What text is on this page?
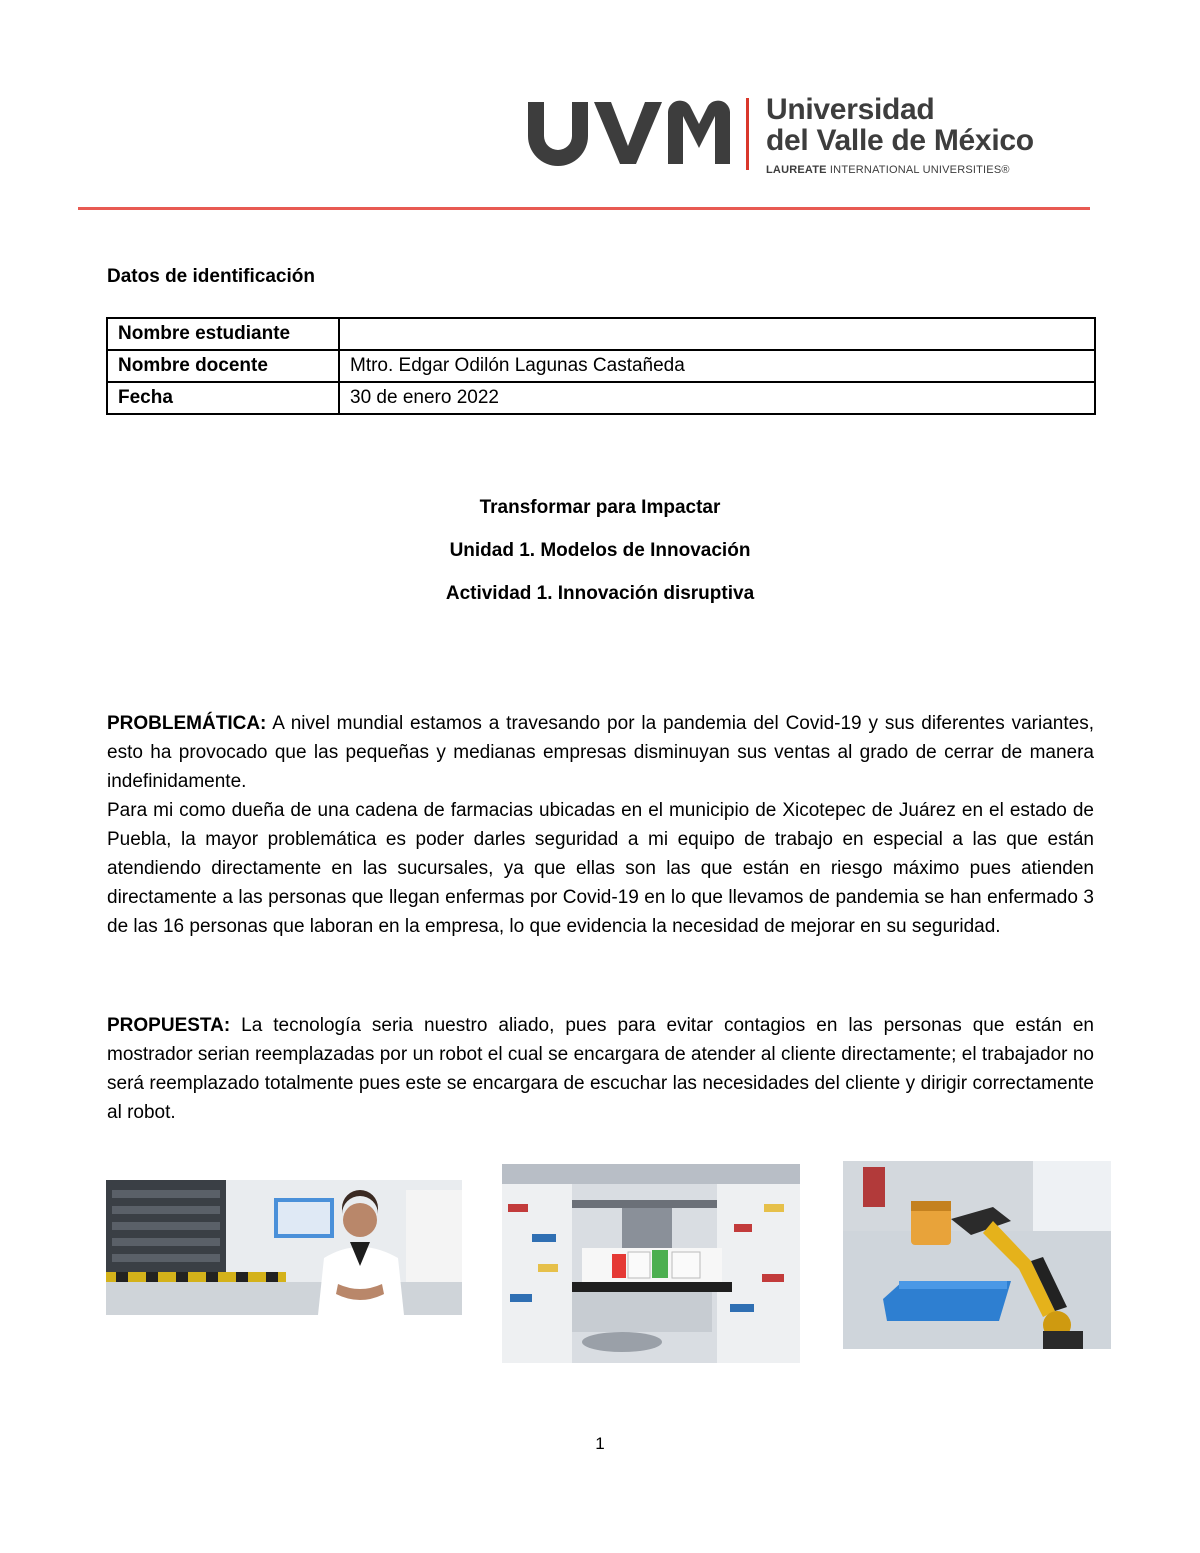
Universidad
del Valle de México
LAUREATE INTERNATIONAL UNIVERSITIES®
Datos de identificación
Nombre estudiante	
Nombre docente	Mtro. Edgar Odilón Lagunas Castañeda
Fecha	30 de enero 2022
Transformar para Impactar
Unidad 1. Modelos de Innovación
Actividad 1. Innovación disruptiva

PROBLEMÁTICA: A nivel mundial estamos a travesando por la pandemia del Covid-19 y sus diferentes variantes, esto ha provocado que las pequeñas y medianas empresas disminuyan sus ventas al grado de cerrar de manera indefinidamente.

Para mi como dueña de una cadena de farmacias ubicadas en el municipio de Xicotepec de Juárez en el estado de Puebla, la mayor problemática es poder darles seguridad a mi equipo de trabajo en especial a las que están atendiendo directamente en las sucursales, ya que ellas son las que están en riesgo máximo pues atienden directamente a las personas que llegan enfermas por Covid-19 en lo que llevamos de pandemia se han enfermado 3 de las 16 personas que laboran en la empresa, lo que evidencia la necesidad de mejorar en su seguridad.

PROPUESTA: La tecnología seria nuestro aliado, pues para evitar contagios en las personas que están en mostrador serian reemplazadas por un robot el cual se encargara de atender al cliente directamente; el trabajador no será reemplazado totalmente pues este se encargara de escuchar las necesidades del cliente y dirigir correctamente al robot.

1
